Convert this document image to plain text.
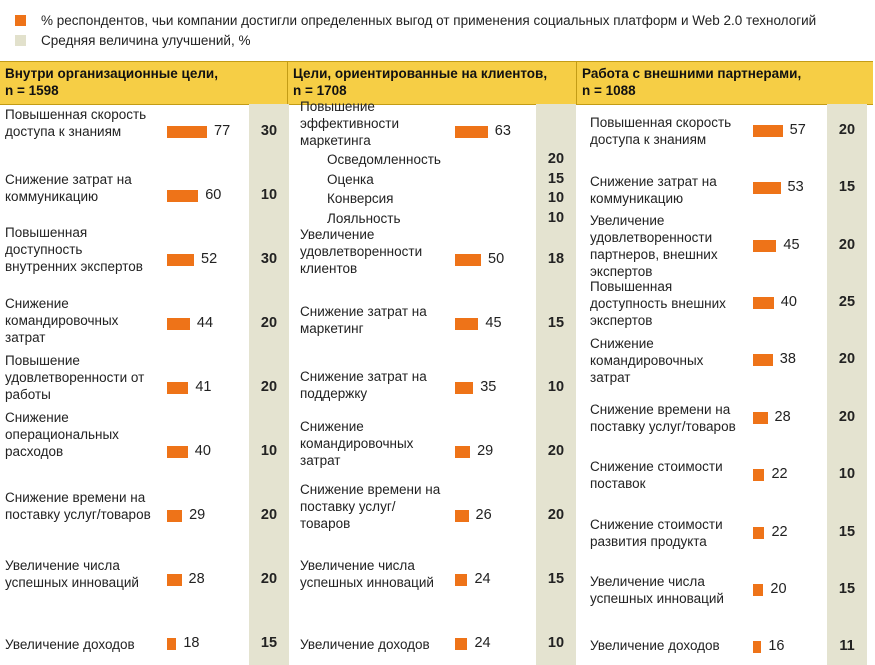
% респондентов, чьи компании достигли определенных выгод от применения социальных платформ и Web 2.0 технологий
Средняя величина улучшений, %
Внутри организационные цели,
n = 1598
Цели, ориентированные на клиентов,
n = 1708
Работа с внешними партнерами,
n = 1088
Повышенная скорость
доступа к знаниям	77	30
Снижение затрат на
коммуникацию	60	10
Повышенная
доступность
внутренних экспертов	52	30
Снижение
командировочных
затрат
44	20
Повышение
удовлетворенности от
работы	41	20
Снижение
операциональных
расходов	40	10
Снижение времени на
поставку услуг/товаров	29	20
Увеличение числа
успешных инноваций	28	20
Увеличение доходов	18	15
Повышение
эффективности
маркетинга
63
Увеличение
удовлетворенности
клиентов
50	18
Снижение затрат на
маркетинг	45	15
Снижение затрат на
поддержку	35	10
Снижение
командировочных
затрат
29	20
Снижение времени на
поставку услуг/
товаров	26	20
Увеличение числа
успешных инноваций	24	15
Увеличение доходов	24	10
Осведомленность	20
Оценка	15
Конверсия	10
Лояльность	10
Повышенная скорость
доступа к знаниям
57	20
Снижение затрат на
коммуникацию
53	15
Увеличение
удовлетворенности
партнеров, внешних
экспертов
45	20
Повышенная
доступность внешних
экспертов
40	25
Снижение
командировочных
затрат
38	20
Снижение времени на
поставку услуг/товаров
28	20
Снижение стоимости
поставок
22	10
Снижение стоимости
развития продукта
22	15
Увеличение числа
успешных инноваций
20	15
Увеличение доходов	16	11
